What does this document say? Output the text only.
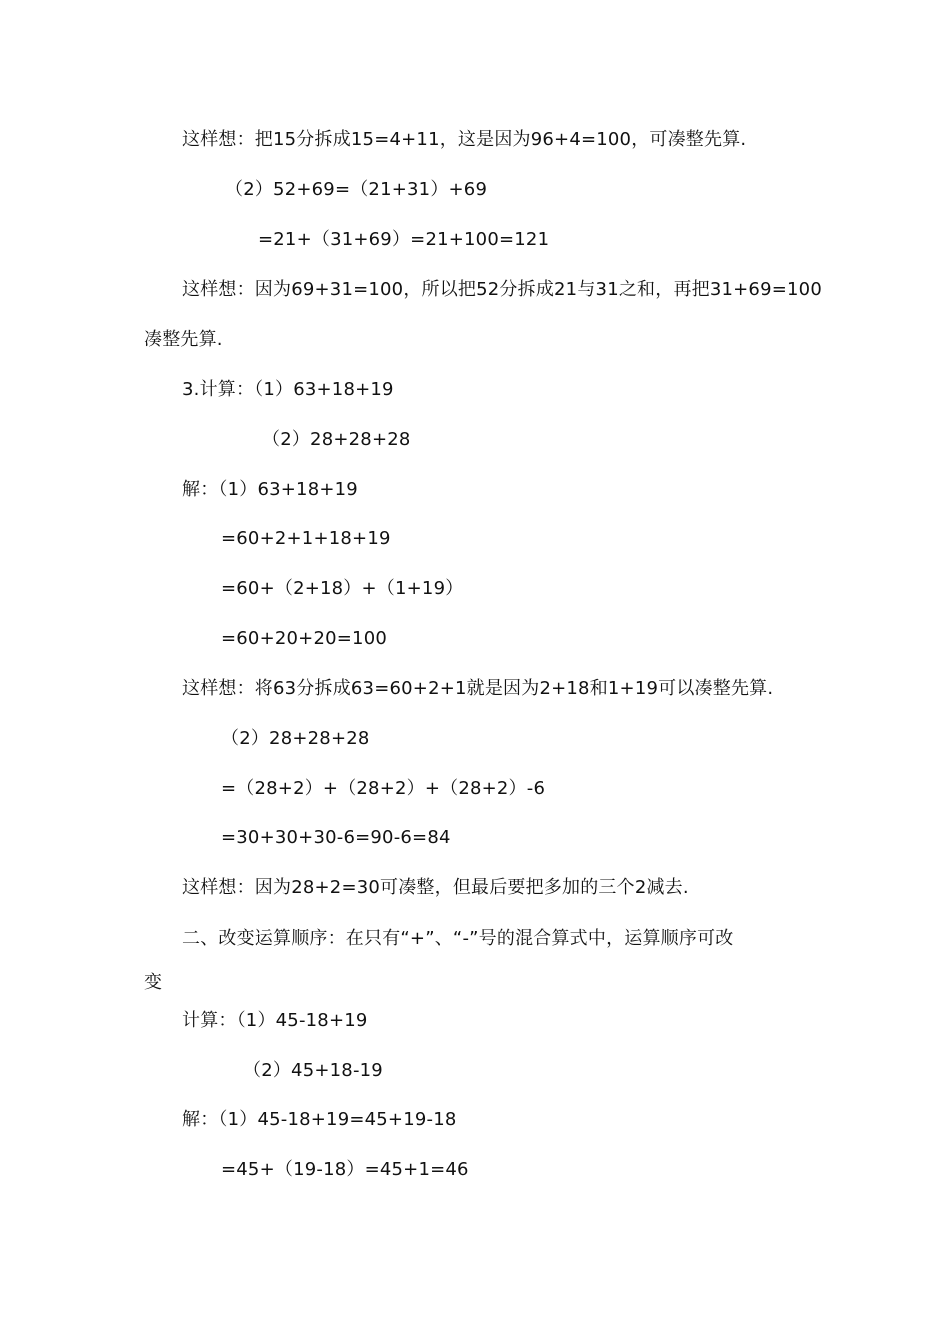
这样想：把15分拆成15=4+11，这是因为96+4=100，可凑整先算.
（2）52+69=（21+31）+69
=21+（31+69）=21+100=121
这样想：因为69+31=100，所以把52分拆成21与31之和，再把31+69=100
凑整先算.
3.计算：（1）63+18+19
（2）28+28+28
解：（1）63+18+19
=60+2+1+18+19
=60+（2+18）+（1+19）
=60+20+20=100
这样想：将63分拆成63=60+2+1就是因为2+18和1+19可以凑整先算.
（2）28+28+28
=（28+2）+（28+2）+（28+2）-6
=30+30+30-6=90-6=84
这样想：因为28+2=30可凑整，但最后要把多加的三个2减去.
二、改变运算顺序：在只有“+”、“-”号的混合算式中，运算顺序可改
变
计算：（1）45-18+19
（2）45+18-19
解：（1）45-18+19=45+19-18
=45+（19-18）=45+1=46
